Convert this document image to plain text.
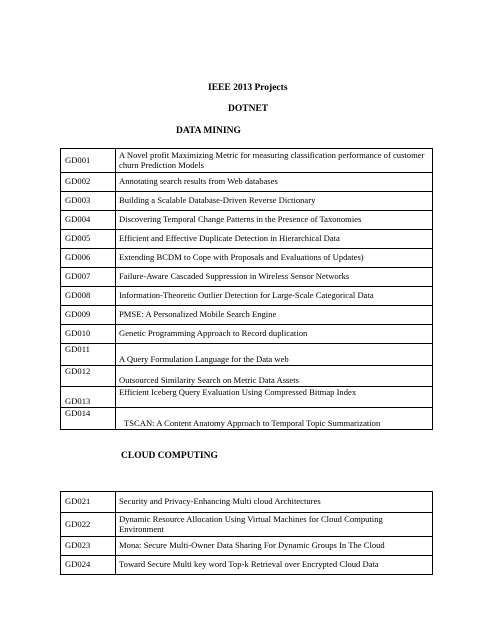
IEEE 2013 Projects
DOTNET
DATA MINING
GD001	A Novel profit Maximizing Metric for measuring classification performance of customer churn Prediction Models
GD002	Annotating search results from Web databases
GD003	Building a Scalable Database-Driven Reverse Dictionary
GD004	Discovering Temporal Change Patterns in the Presence of Taxonomies
GD005	Efficient and Effective Duplicate Detection in Hierarchical Data
GD006	Extending BCDM to Cope with Proposals and Evaluations of Updates)
GD007	Failure-Aware Cascaded Suppression in Wireless Sensor Networks
GD008	Information-Theoretic Outlier Detection for Large-Scale Categorical Data
GD009	PMSE: A Personalized Mobile Search Engine
GD010	Genetic Programming Approach to Record duplication
GD011	A Query Formulation Language for the Data web
GD012	Outsourced Similarity Search on Metric Data Assets
GD013	Efficient Iceberg Query Evaluation Using Compressed Bitmap Index
GD014	TSCAN: A Content Anatomy Approach to Temporal Topic Summarization
CLOUD COMPUTING
GD021	Security and Privacy-Enhancing Multi cloud Architectures
GD022	Dynamic Resource Allocation Using Virtual Machines for Cloud Computing Environment
GD023	Mona: Secure Multi-Owner Data Sharing For Dynamic Groups In The Cloud
GD024	Toward Secure Multi key word Top-k Retrieval over Encrypted Cloud Data
